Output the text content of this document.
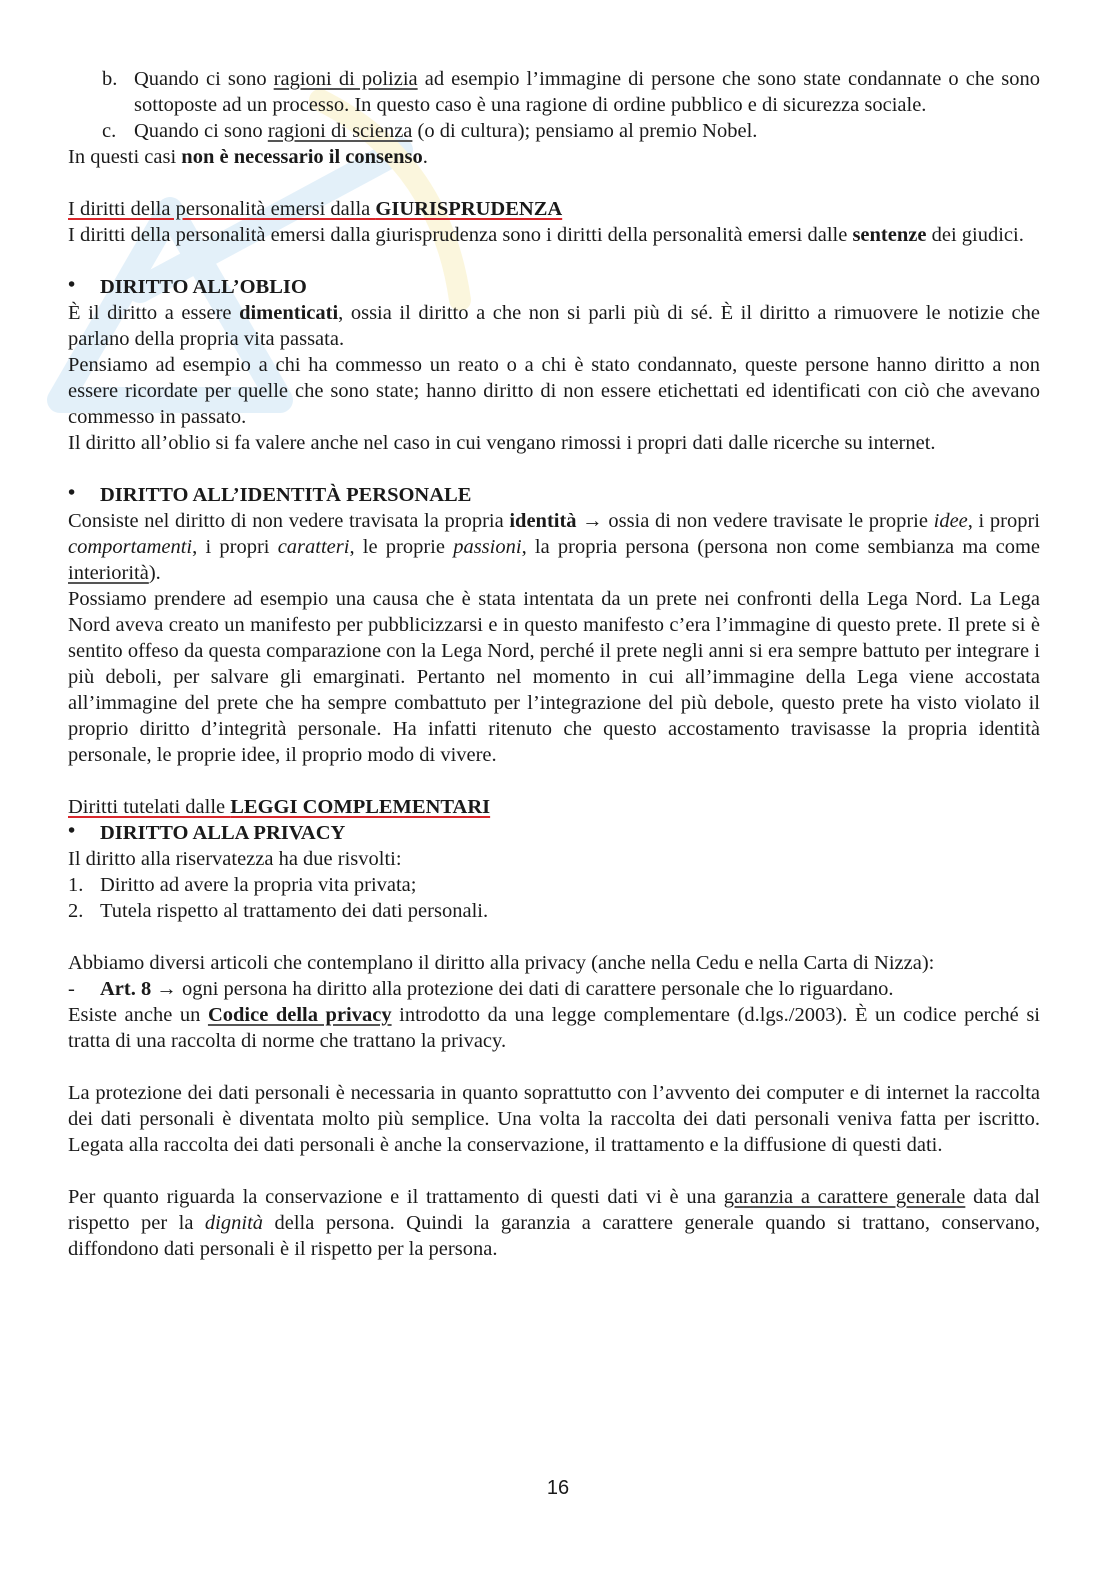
b. Quando ci sono ragioni di polizia ad esempio l’immagine di persone che sono state condannate o che sono sottoposte ad un processo. In questo caso è una ragione di ordine pubblico e di sicurezza sociale.
c. Quando ci sono ragioni di scienza (o di cultura); pensiamo al premio Nobel.

In questi casi non è necessario il consenso.

I diritti della personalità emersi dalla GIURISPRUDENZA

I diritti della personalità emersi dalla giurisprudenza sono i diritti della personalità emersi dalle sentenze dei giudici.

• DIRITTO ALL’OBLIO

È il diritto a essere dimenticati, ossia il diritto a che non si parli più di sé. È il diritto a rimuovere le notizie che parlano della propria vita passata.

Pensiamo ad esempio a chi ha commesso un reato o a chi è stato condannato, queste persone hanno diritto a non essere ricordate per quelle che sono state; hanno diritto di non essere etichettati ed identificati con ciò che avevano commesso in passato.

Il diritto all’oblio si fa valere anche nel caso in cui vengano rimossi i propri dati dalle ricerche su internet.

• DIRITTO ALL’IDENTITÀ PERSONALE

Consiste nel diritto di non vedere travisata la propria identità → ossia di non vedere travisate le proprie idee, i propri comportamenti, i propri caratteri, le proprie passioni, la propria persona (persona non come sembianza ma come interiorità).

Possiamo prendere ad esempio una causa che è stata intentata da un prete nei confronti della Lega Nord. La Lega Nord aveva creato un manifesto per pubblicizzarsi e in questo manifesto c’era l’immagine di questo prete. Il prete si è sentito offeso da questa comparazione con la Lega Nord, perché il prete negli anni si era sempre battuto per integrare i più deboli, per salvare gli emarginati. Pertanto nel momento in cui all’immagine della Lega viene accostata all’immagine del prete che ha sempre combattuto per l’integrazione del più debole, questo prete ha visto violato il proprio diritto d’integrità personale. Ha infatti ritenuto che questo accostamento travisasse la propria identità personale, le proprie idee, il proprio modo di vivere.

Diritti tutelati dalle LEGGI COMPLEMENTARI

• DIRITTO ALLA PRIVACY

Il diritto alla riservatezza ha due risvolti:

1. Diritto ad avere la propria vita privata;
2. Tutela rispetto al trattamento dei dati personali.

Abbiamo diversi articoli che contemplano il diritto alla privacy (anche nella Cedu e nella Carta di Nizza):

- Art. 8 → ogni persona ha diritto alla protezione dei dati di carattere personale che lo riguardano.

Esiste anche un Codice della privacy introdotto da una legge complementare (d.lgs./2003). È un codice perché si tratta di una raccolta di norme che trattano la privacy.

La protezione dei dati personali è necessaria in quanto soprattutto con l’avvento dei computer e di internet la raccolta dei dati personali è diventata molto più semplice. Una volta la raccolta dei dati personali veniva fatta per iscritto. Legata alla raccolta dei dati personali è anche la conservazione, il trattamento e la diffusione di questi dati.

Per quanto riguarda la conservazione e il trattamento di questi dati vi è una garanzia a carattere generale data dal rispetto per la dignità della persona. Quindi la garanzia a carattere generale quando si trattano, conservano, diffondono dati personali è il rispetto per la persona.

16
